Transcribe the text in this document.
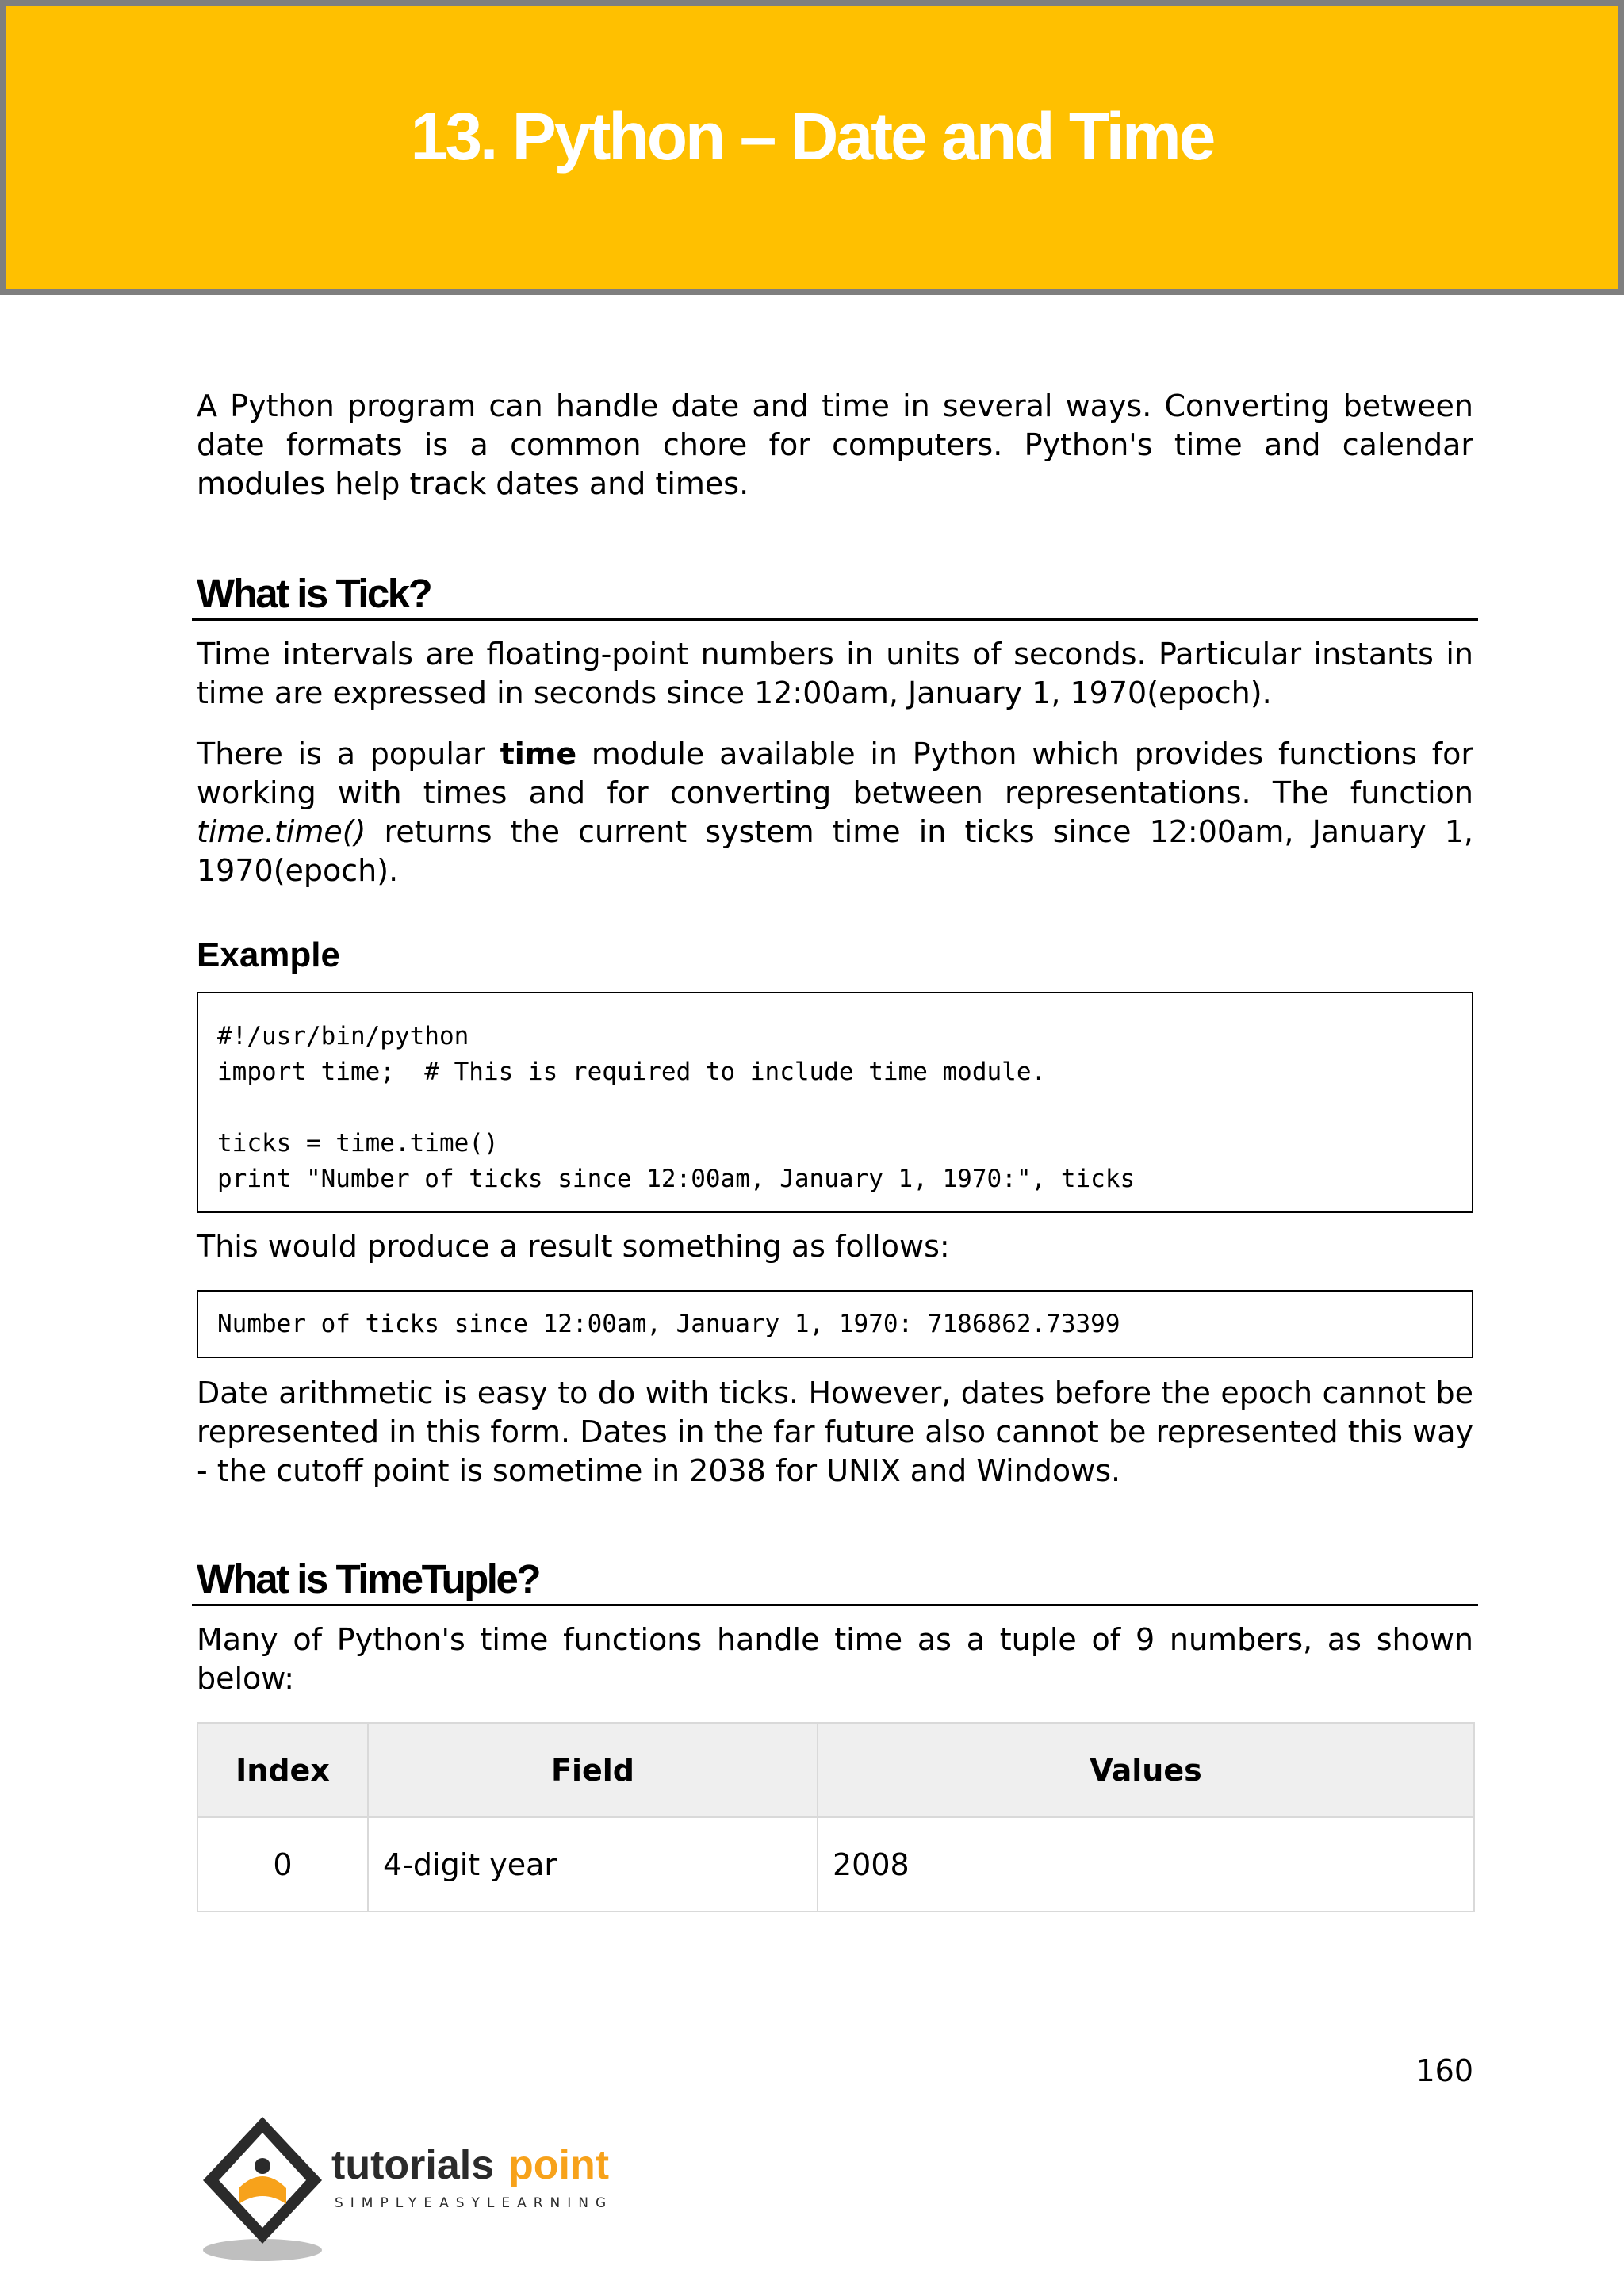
13. Python – Date and Time

A Python program can handle date and time in several ways. Converting between date formats is a common chore for computers. Python's time and calendar modules help track dates and times.

What is Tick?

Time intervals are floating-point numbers in units of seconds. Particular instants in time are expressed in seconds since 12:00am, January 1, 1970(epoch).

There is a popular time module available in Python which provides functions for working with times and for converting between representations. The function time.time() returns the current system time in ticks since 12:00am, January 1, 1970(epoch).

Example
#!/usr/bin/python
import time;  # This is required to include time module.
ticks = time.time()
print "Number of ticks since 12:00am, January 1, 1970:", ticks

This would produce a result something as follows:

Number of ticks since 12:00am, January 1, 1970: 7186862.73399

Date arithmetic is easy to do with ticks. However, dates before the epoch cannot be represented in this form. Dates in the far future also cannot be represented this way - the cutoff point is sometime in 2038 for UNIX and Windows.

What is TimeTuple?

Many of Python's time functions handle time as a tuple of 9 numbers, as shown below:

Index	Field	Values
0	4-digit year	2008
160
tutorials point
SIMPLYEASYLEARNING
